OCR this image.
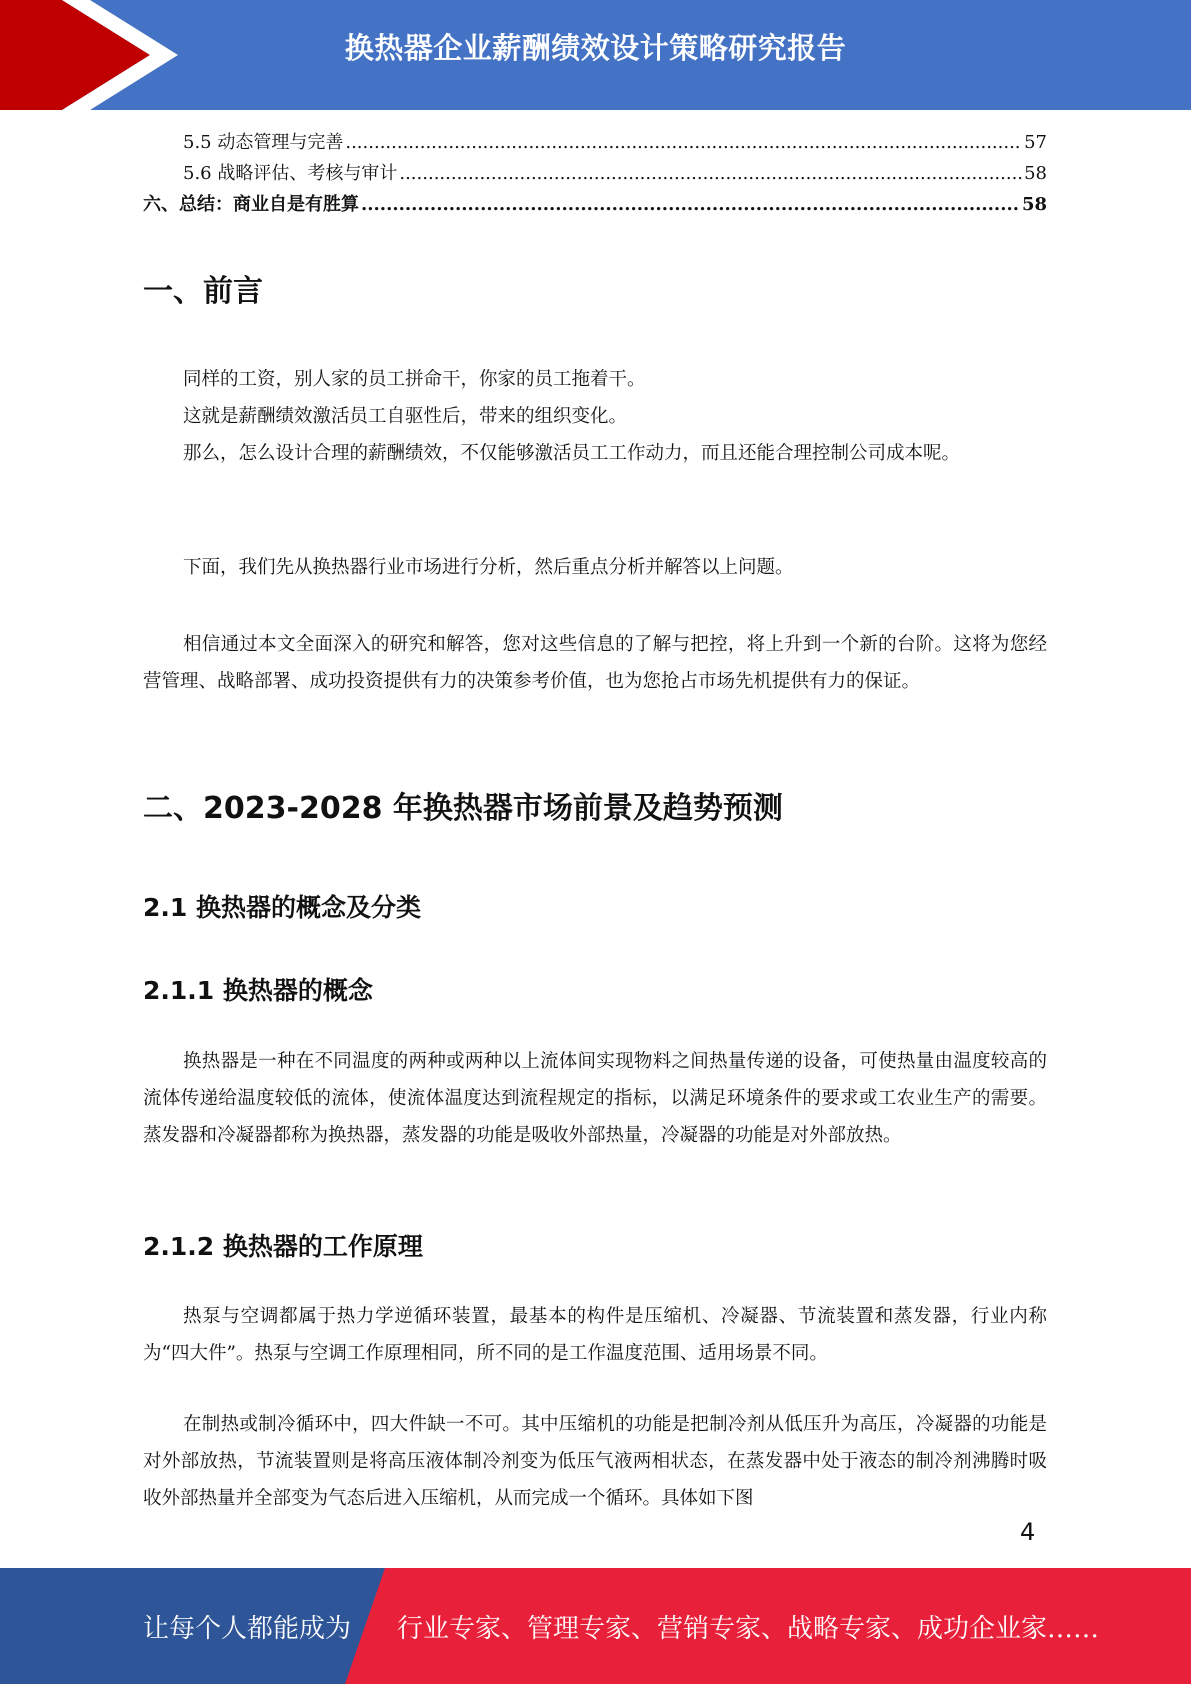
换热器企业薪酬绩效设计策略研究报告
5.5 动态管理与完善 .....	57
5.6 战略评估、考核与审计 .....	58
六、总结：商业自是有胜算 .....	58
一、前言

同样的工资，别人家的员工拼命干，你家的员工拖着干。

这就是薪酬绩效激活员工自驱性后，带来的组织变化。

那么，怎么设计合理的薪酬绩效，不仅能够激活员工工作动力，而且还能合理控制公司成本呢。

下面，我们先从换热器行业市场进行分析，然后重点分析并解答以上问题。

相信通过本文全面深入的研究和解答，您对这些信息的了解与把控，将上升到一个新的台阶。这将为您经营管理、战略部署、成功投资提供有力的决策参考价值，也为您抢占市场先机提供有力的保证。

二、2023-2028 年换热器市场前景及趋势预测
2.1 换热器的概念及分类
2.1.1 换热器的概念

换热器是一种在不同温度的两种或两种以上流体间实现物料之间热量传递的设备，可使热量由温度较高的流体传递给温度较低的流体，使流体温度达到流程规定的指标，以满足环境条件的要求或工农业生产的需要。蒸发器和冷凝器都称为换热器，蒸发器的功能是吸收外部热量，冷凝器的功能是对外部放热。

2.1.2 换热器的工作原理

热泵与空调都属于热力学逆循环装置，最基本的构件是压缩机、冷凝器、节流装置和蒸发器，行业内称为“四大件”。热泵与空调工作原理相同，所不同的是工作温度范围、适用场景不同。

在制热或制冷循环中，四大件缺一不可。其中压缩机的功能是把制冷剂从低压升为高压，冷凝器的功能是对外部放热，节流装置则是将高压液体制冷剂变为低压气液两相状态，在蒸发器中处于液态的制冷剂沸腾时吸收外部热量并全部变为气态后进入压缩机，从而完成一个循环。具体如下图

4
让每个人都能成为 行业专家、管理专家、营销专家、战略专家、成功企业家……
